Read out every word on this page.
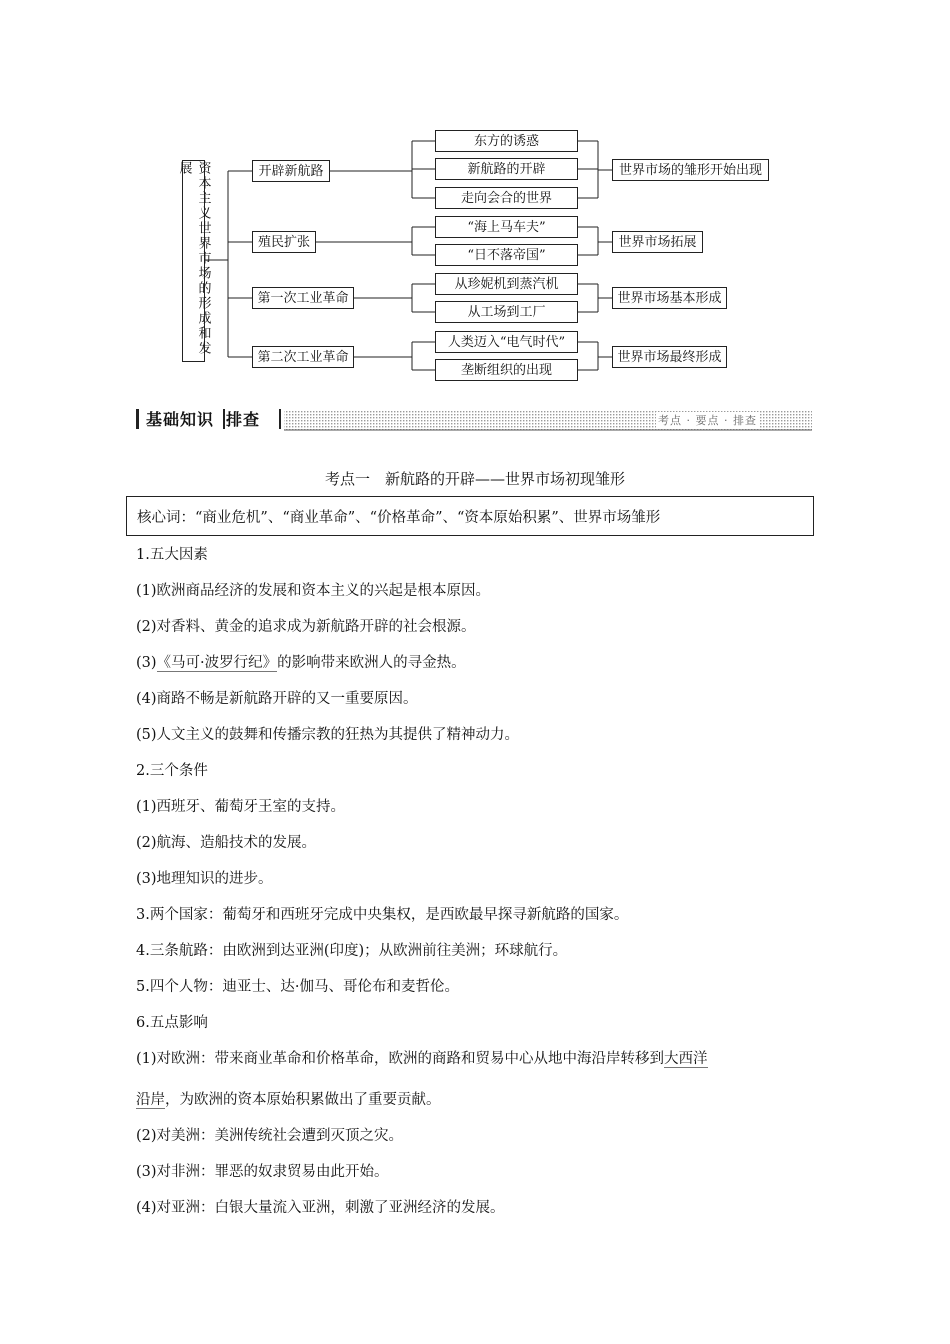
资本主义世界市场的形成和发展	开辟新航路
殖民扩张
第一次工业革命
第二次工业革命
东方的诱惑
新航路的开辟
走向会合的世界
“海上马车夫”
“日不落帝国”
从珍妮机到蒸汽机
从工场到工厂
人类迈入“电气时代”
垄断组织的出现
世界市场的雏形开始出现
世界市场拓展
世界市场基本形成
世界市场最终形成
基础知识 排查	考点 · 要点 · 排查
考点一　新航路的开辟——世界市场初现雏形
核心词：“商业危机”、“商业革命”、“价格革命”、“资本原始积累”、世界市场雏形
1.五大因素
(1)欧洲商品经济的发展和资本主义的兴起是根本原因。
(2)对香料、黄金的追求成为新航路开辟的社会根源。
(3)《马可·波罗行纪》的影响带来欧洲人的寻金热。
(4)商路不畅是新航路开辟的又一重要原因。
(5)人文主义的鼓舞和传播宗教的狂热为其提供了精神动力。
2.三个条件
(1)西班牙、葡萄牙王室的支持。
(2)航海、造船技术的发展。
(3)地理知识的进步。
3.两个国家：葡萄牙和西班牙完成中央集权，是西欧最早探寻新航路的国家。
4.三条航路：由欧洲到达亚洲(印度)；从欧洲前往美洲；环球航行。
5.四个人物：迪亚士、达·伽马、哥伦布和麦哲伦。
6.五点影响
(1)对欧洲：带来商业革命和价格革命，欧洲的商路和贸易中心从地中海沿岸转移到大西洋
沿岸，为欧洲的资本原始积累做出了重要贡献。
(2)对美洲：美洲传统社会遭到灭顶之灾。
(3)对非洲：罪恶的奴隶贸易由此开始。
(4)对亚洲：白银大量流入亚洲，刺激了亚洲经济的发展。
